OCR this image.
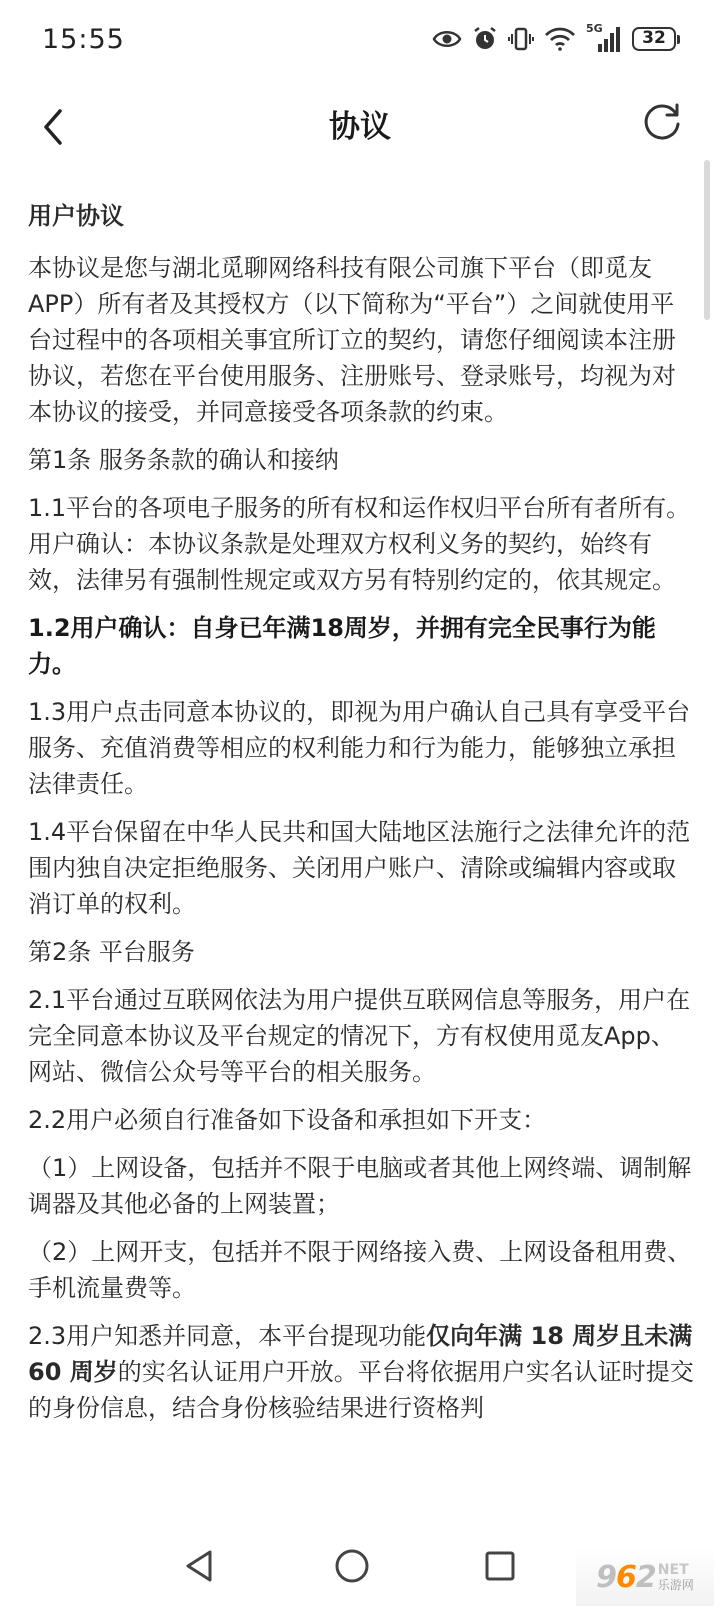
15:55	5G	32
协议

用户协议

本协议是您与湖北觅聊网络科技有限公司旗下平台（即觅友APP）所有者及其授权方（以下简称为“平台”）之间就使用平台过程中的各项相关事宜所订立的契约，请您仔细阅读本注册协议，若您在平台使用服务、注册账号、登录账号，均视为对本协议的接受，并同意接受各项条款的约束。

第1条 服务条款的确认和接纳

1.1平台的各项电子服务的所有权和运作权归平台所有者所有。用户确认：本协议条款是处理双方权利义务的契约，始终有效，法律另有强制性规定或双方另有特别约定的，依其规定。

1.2用户确认：自身已年满18周岁，并拥有完全民事行为能力。

1.3用户点击同意本协议的，即视为用户确认自己具有享受平台服务、充值消费等相应的权利能力和行为能力，能够独立承担法律责任。

1.4平台保留在中华人民共和国大陆地区法施行之法律允许的范围内独自决定拒绝服务、关闭用户账户、清除或编辑内容或取消订单的权利。

第2条 平台服务

2.1平台通过互联网依法为用户提供互联网信息等服务，用户在完全同意本协议及平台规定的情况下，方有权使用觅友App、网站、微信公众号等平台的相关服务。

2.2用户必须自行准备如下设备和承担如下开支：

（1）上网设备，包括并不限于电脑或者其他上网终端、调制解调器及其他必备的上网装置；

（2）上网开支，包括并不限于网络接入费、上网设备租用费、手机流量费等。

2.3用户知悉并同意，本平台提现功能仅向年满 18 周岁且未满 60 周岁的实名认证用户开放。平台将依据用户实名认证时提交的身份信息，结合身份核验结果进行资格判

962 NET
乐游网
